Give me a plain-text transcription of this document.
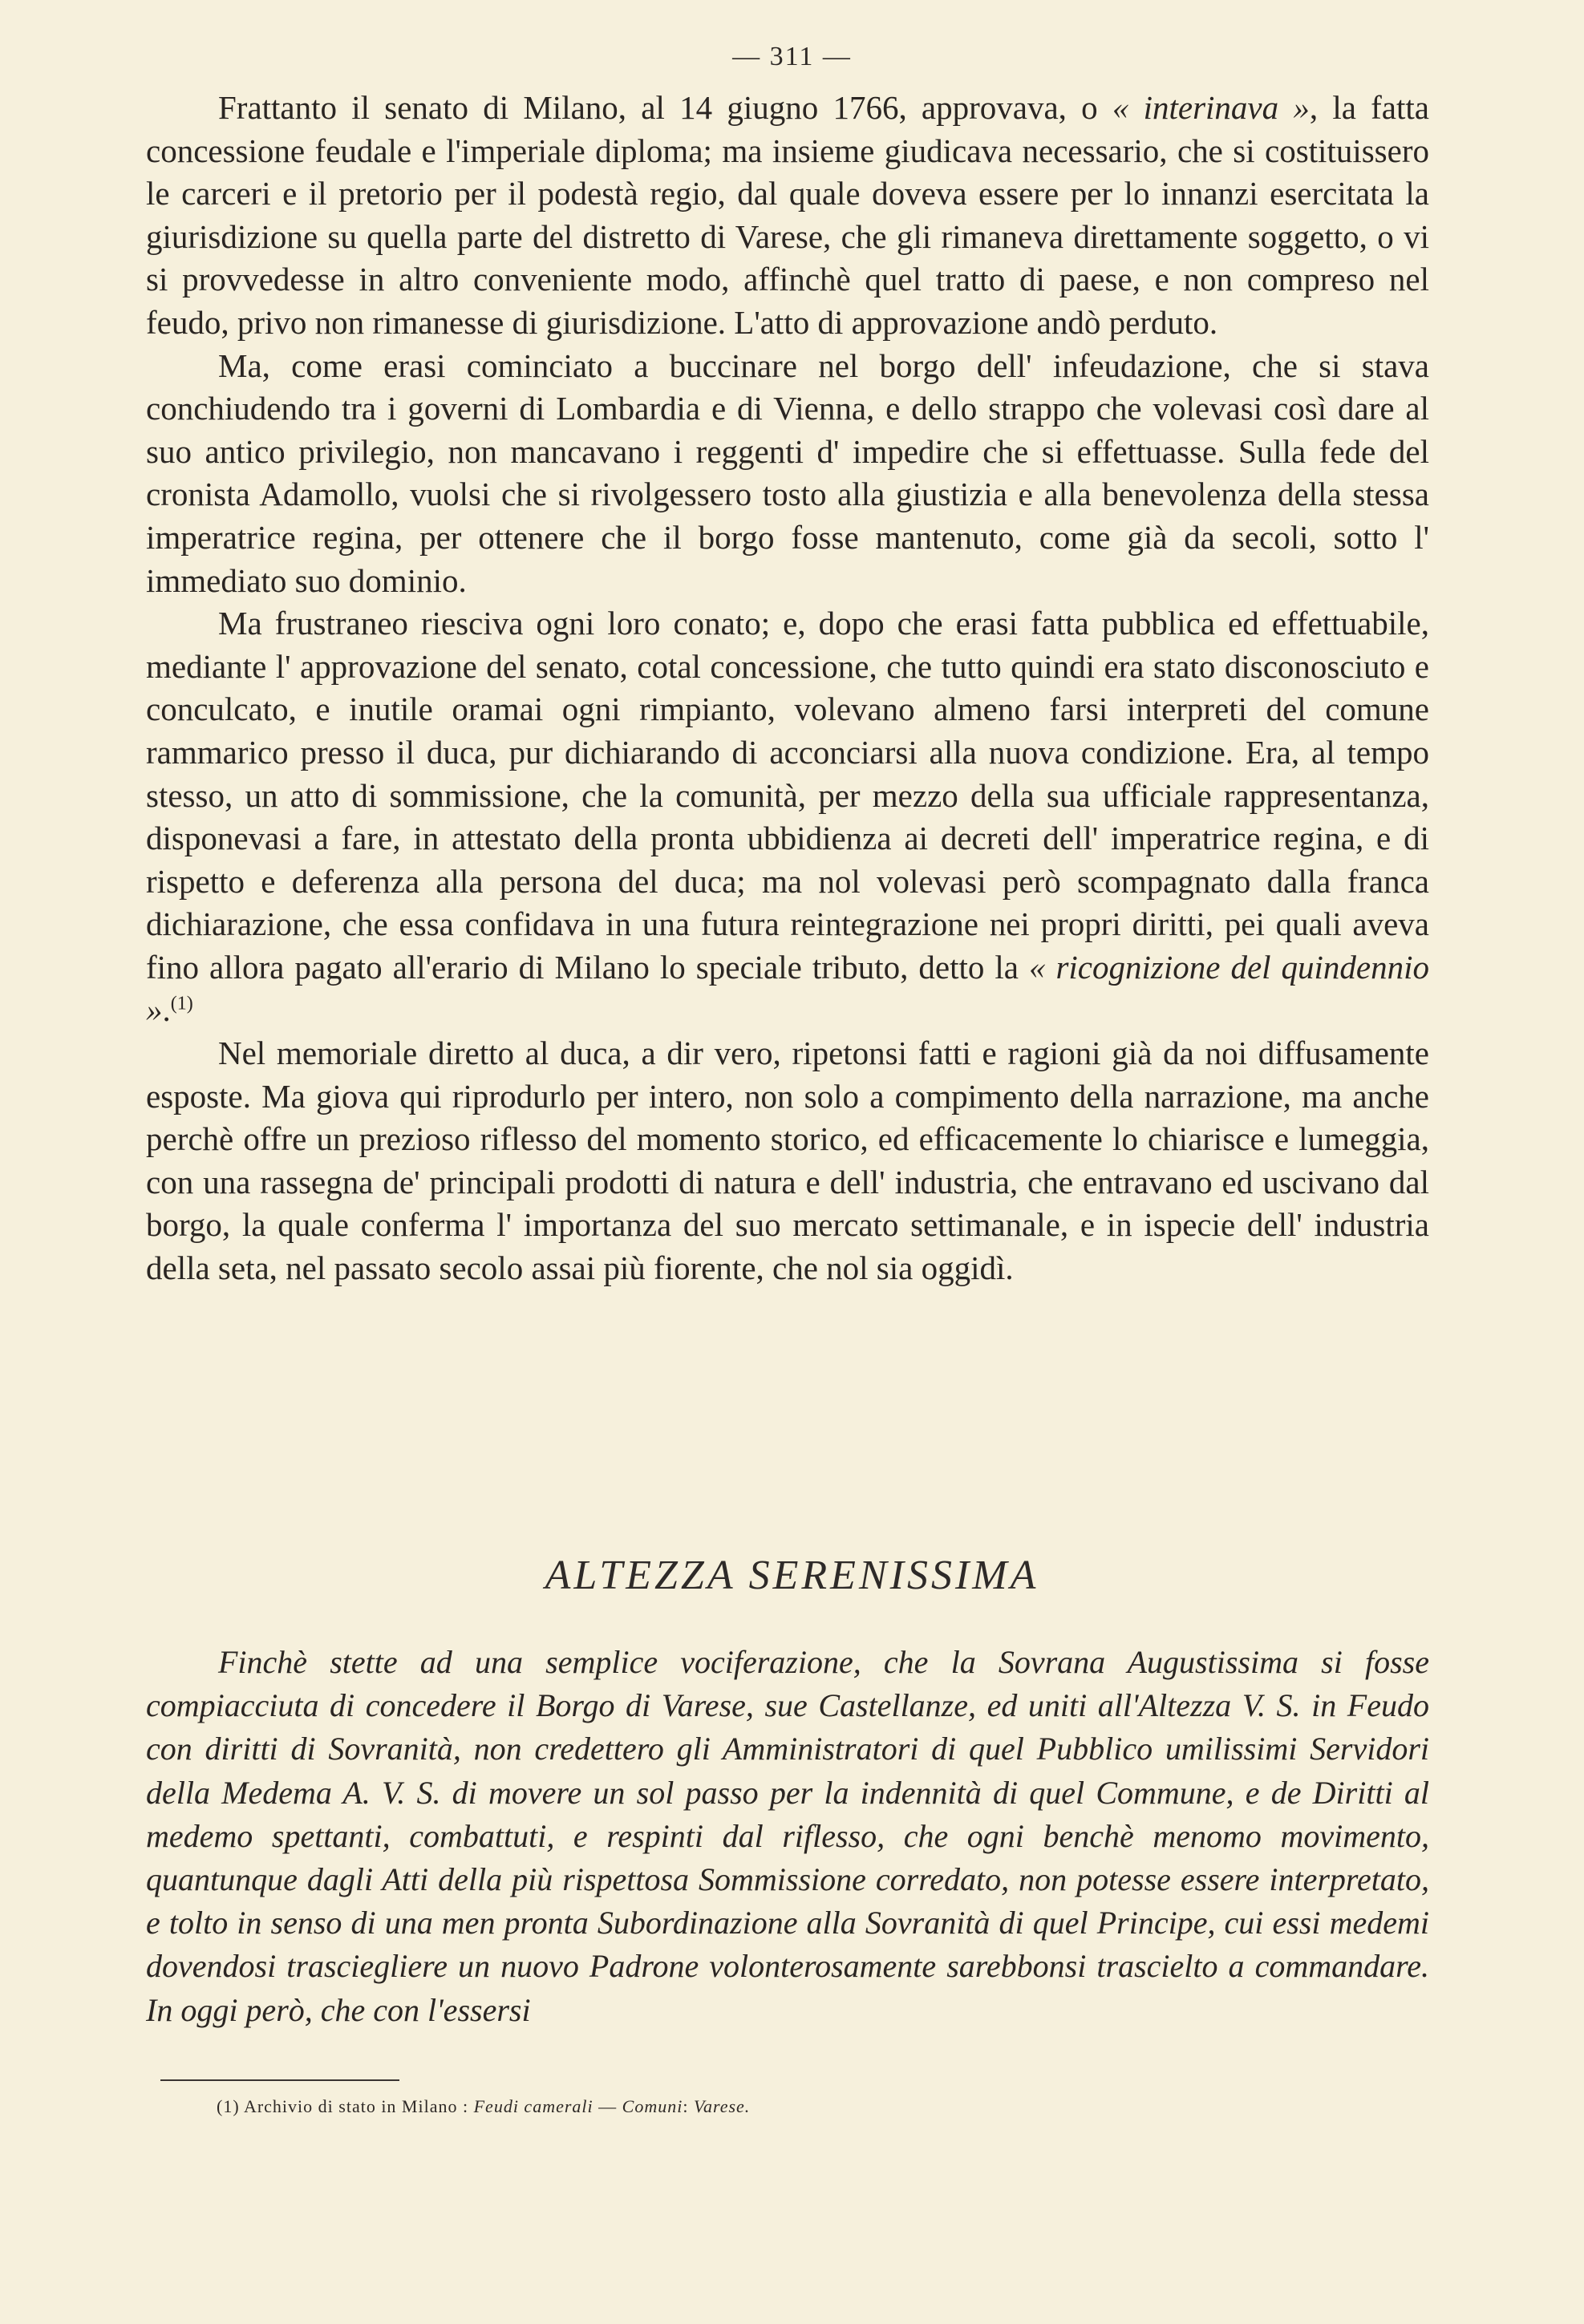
— 311 —

Frattanto il senato di Milano, al 14 giugno 1766, approvava, o « interinava », la fatta concessione feudale e l'imperiale diploma; ma insieme giudicava necessario, che si costituissero le carceri e il pretorio per il podestà regio, dal quale doveva essere per lo innanzi esercitata la giurisdizione su quella parte del distretto di Varese, che gli rimaneva direttamente soggetto, o vi si provvedesse in altro conveniente modo, affinchè quel tratto di paese, e non compreso nel feudo, privo non rimanesse di giurisdizione. L'atto di approvazione andò perduto.

Ma, come erasi cominciato a buccinare nel borgo dell' infeudazione, che si stava conchiudendo tra i governi di Lombardia e di Vienna, e dello strappo che volevasi così dare al suo antico privilegio, non mancavano i reggenti d' impedire che si effettuasse. Sulla fede del cronista Adamollo, vuolsi che si rivolgessero tosto alla giustizia e alla benevolenza della stessa imperatrice regina, per ottenere che il borgo fosse mantenuto, come già da secoli, sotto l' immediato suo dominio.

Ma frustraneo riesciva ogni loro conato; e, dopo che erasi fatta pubblica ed effettuabile, mediante l' approvazione del senato, cotal concessione, che tutto quindi era stato disconosciuto e conculcato, e inutile oramai ogni rimpianto, volevano almeno farsi interpreti del comune rammarico presso il duca, pur dichiarando di acconciarsi alla nuova condizione. Era, al tempo stesso, un atto di sommissione, che la comunità, per mezzo della sua ufficiale rappresentanza, disponevasi a fare, in attestato della pronta ubbidienza ai decreti dell' imperatrice regina, e di rispetto e deferenza alla persona del duca; ma nol volevasi però scompagnato dalla franca dichiarazione, che essa confidava in una futura reintegrazione nei propri diritti, pei quali aveva fino allora pagato all'erario di Milano lo speciale tributo, detto la « ricognizione del quindennio ».$^{(1)}$

Nel memoriale diretto al duca, a dir vero, ripetonsi fatti e ragioni già da noi diffusamente esposte. Ma giova qui riprodurlo per intero, non solo a compimento della narrazione, ma anche perchè offre un prezioso riflesso del momento storico, ed efficacemente lo chiarisce e lumeggia, con una rassegna de' principali prodotti di natura e dell' industria, che entravano ed uscivano dal borgo, la quale conferma l' importanza del suo mercato settimanale, e in ispecie dell' industria della seta, nel passato secolo assai più fiorente, che nol sia oggidì.

ALTEZZA SERENISSIMA

Finchè stette ad una semplice vociferazione, che la Sovrana Augustissima si fosse compiacciuta di concedere il Borgo di Varese, sue Castellanze, ed uniti all'Altezza V. S. in Feudo con diritti di Sovranità, non credettero gli Amministratori di quel Pubblico umilissimi Servidori della Medema A. V. S. di movere un sol passo per la indennità di quel Commune, e de Diritti al medemo spettanti, combattuti, e respinti dal riflesso, che ogni benchè menomo movimento, quantunque dagli Atti della più rispettosa Sommissione corredato, non potesse essere interpretato, e tolto in senso di una men pronta Subordinazione alla Sovranità di quel Principe, cui essi medemi dovendosi trasciegliere un nuovo Padrone volonterosamente sarebbonsi trascielto a commandare. In oggi però, che con l'essersi

(1) Archivio di stato in Milano : Feudi camerali — Comuni: Varese.
